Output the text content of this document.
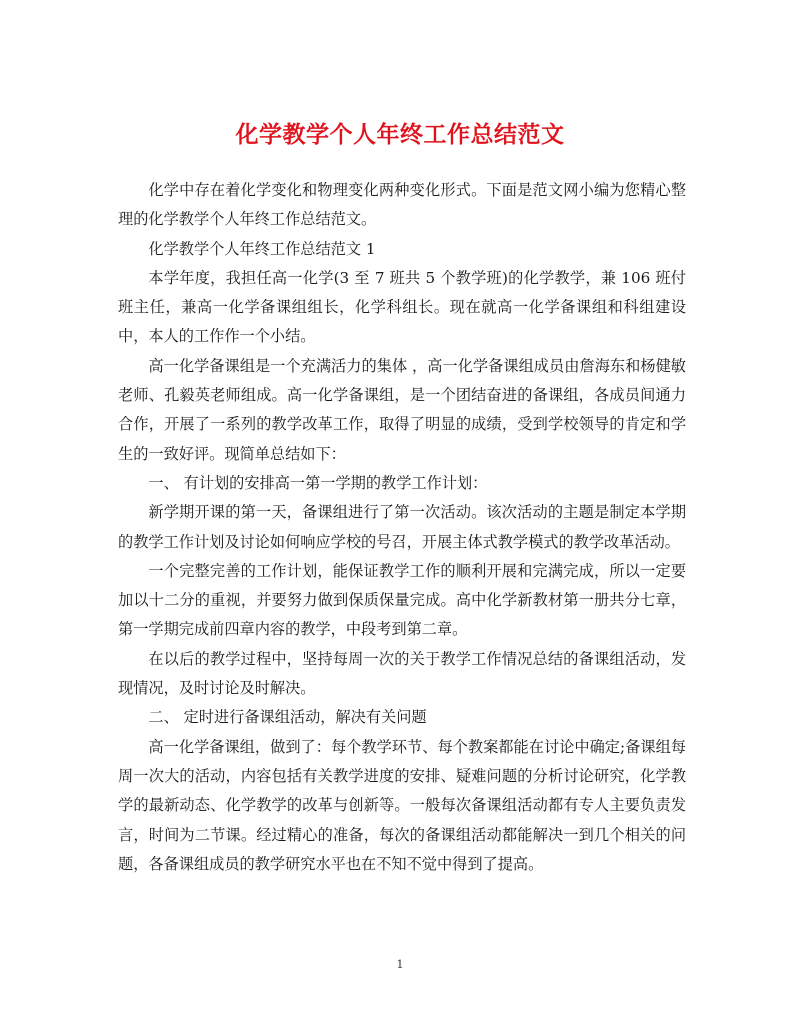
化学教学个人年终工作总结范文

化学中存在着化学变化和物理变化两种变化形式。下面是范文网小编为您精心整理的化学教学个人年终工作总结范文。

化学教学个人年终工作总结范文 1

本学年度，我担任高一化学(3 至 7 班共 5 个教学班)的化学教学，兼 106 班付班主任，兼高一化学备课组组长，化学科组长。现在就高一化学备课组和科组建设中，本人的工作作一个小结。

高一化学备课组是一个充满活力的集体 ，高一化学备课组成员由詹海东和杨健敏老师、孔毅英老师组成。高一化学备课组，是一个团结奋进的备课组，各成员间通力合作，开展了一系列的教学改革工作，取得了明显的成绩，受到学校领导的肯定和学生的一致好评。现简单总结如下：

一、 有计划的安排高一第一学期的教学工作计划：

新学期开课的第一天，备课组进行了第一次活动。该次活动的主题是制定本学期的教学工作计划及讨论如何响应学校的号召，开展主体式教学模式的教学改革活动。

一个完整完善的工作计划，能保证教学工作的顺利开展和完满完成，所以一定要加以十二分的重视，并要努力做到保质保量完成。高中化学新教材第一册共分七章，第一学期完成前四章内容的教学，中段考到第二章。

在以后的教学过程中，坚持每周一次的关于教学工作情况总结的备课组活动，发现情况，及时讨论及时解决。

二、 定时进行备课组活动，解决有关问题

高一化学备课组，做到了：每个教学环节、每个教案都能在讨论中确定;备课组每周一次大的活动，内容包括有关教学进度的安排、疑难问题的分析讨论研究，化学教学的最新动态、化学教学的改革与创新等。一般每次备课组活动都有专人主要负责发言，时间为二节课。经过精心的准备，每次的备课组活动都能解决一到几个相关的问题，各备课组成员的教学研究水平也在不知不觉中得到了提高。

1
